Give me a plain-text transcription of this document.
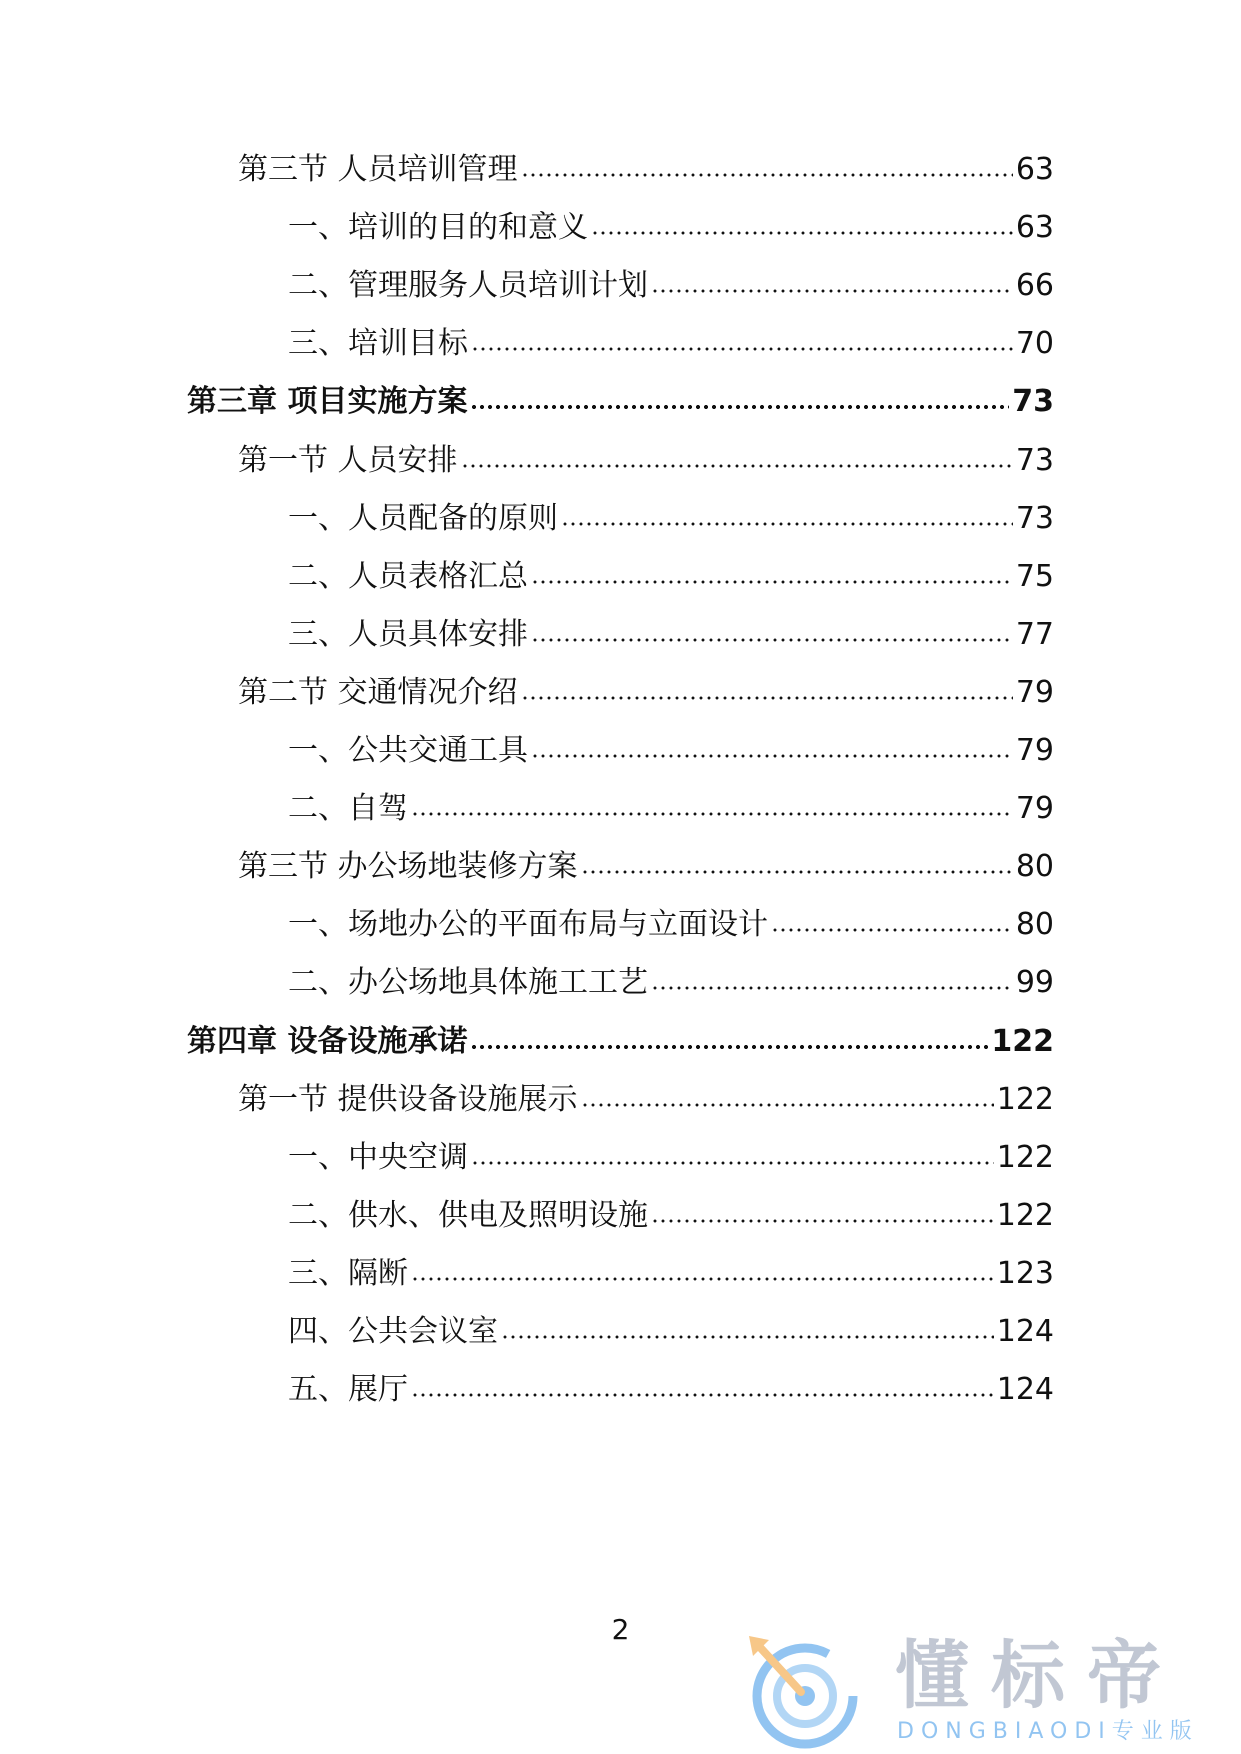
第三节 人员培训管理	63
一、培训的目的和意义	63
二、管理服务人员培训计划	66
三、培训目标	70
第三章 项目实施方案	73
第一节 人员安排	73
一、人员配备的原则	73
二、人员表格汇总	75
三、人员具体安排	77
第二节 交通情况介绍	79
一、公共交通工具	79
二、自驾	79
第三节 办公场地装修方案	80
一、场地办公的平面布局与立面设计	80
二、办公场地具体施工工艺	99
第四章 设备设施承诺	122
第一节 提供设备设施展示	122
一、中央空调	122
二、供水、供电及照明设施	122
三、隔断	123
四、公共会议室	124
五、展厅	124
2
懂标帝
DONGBIAODI专业版
